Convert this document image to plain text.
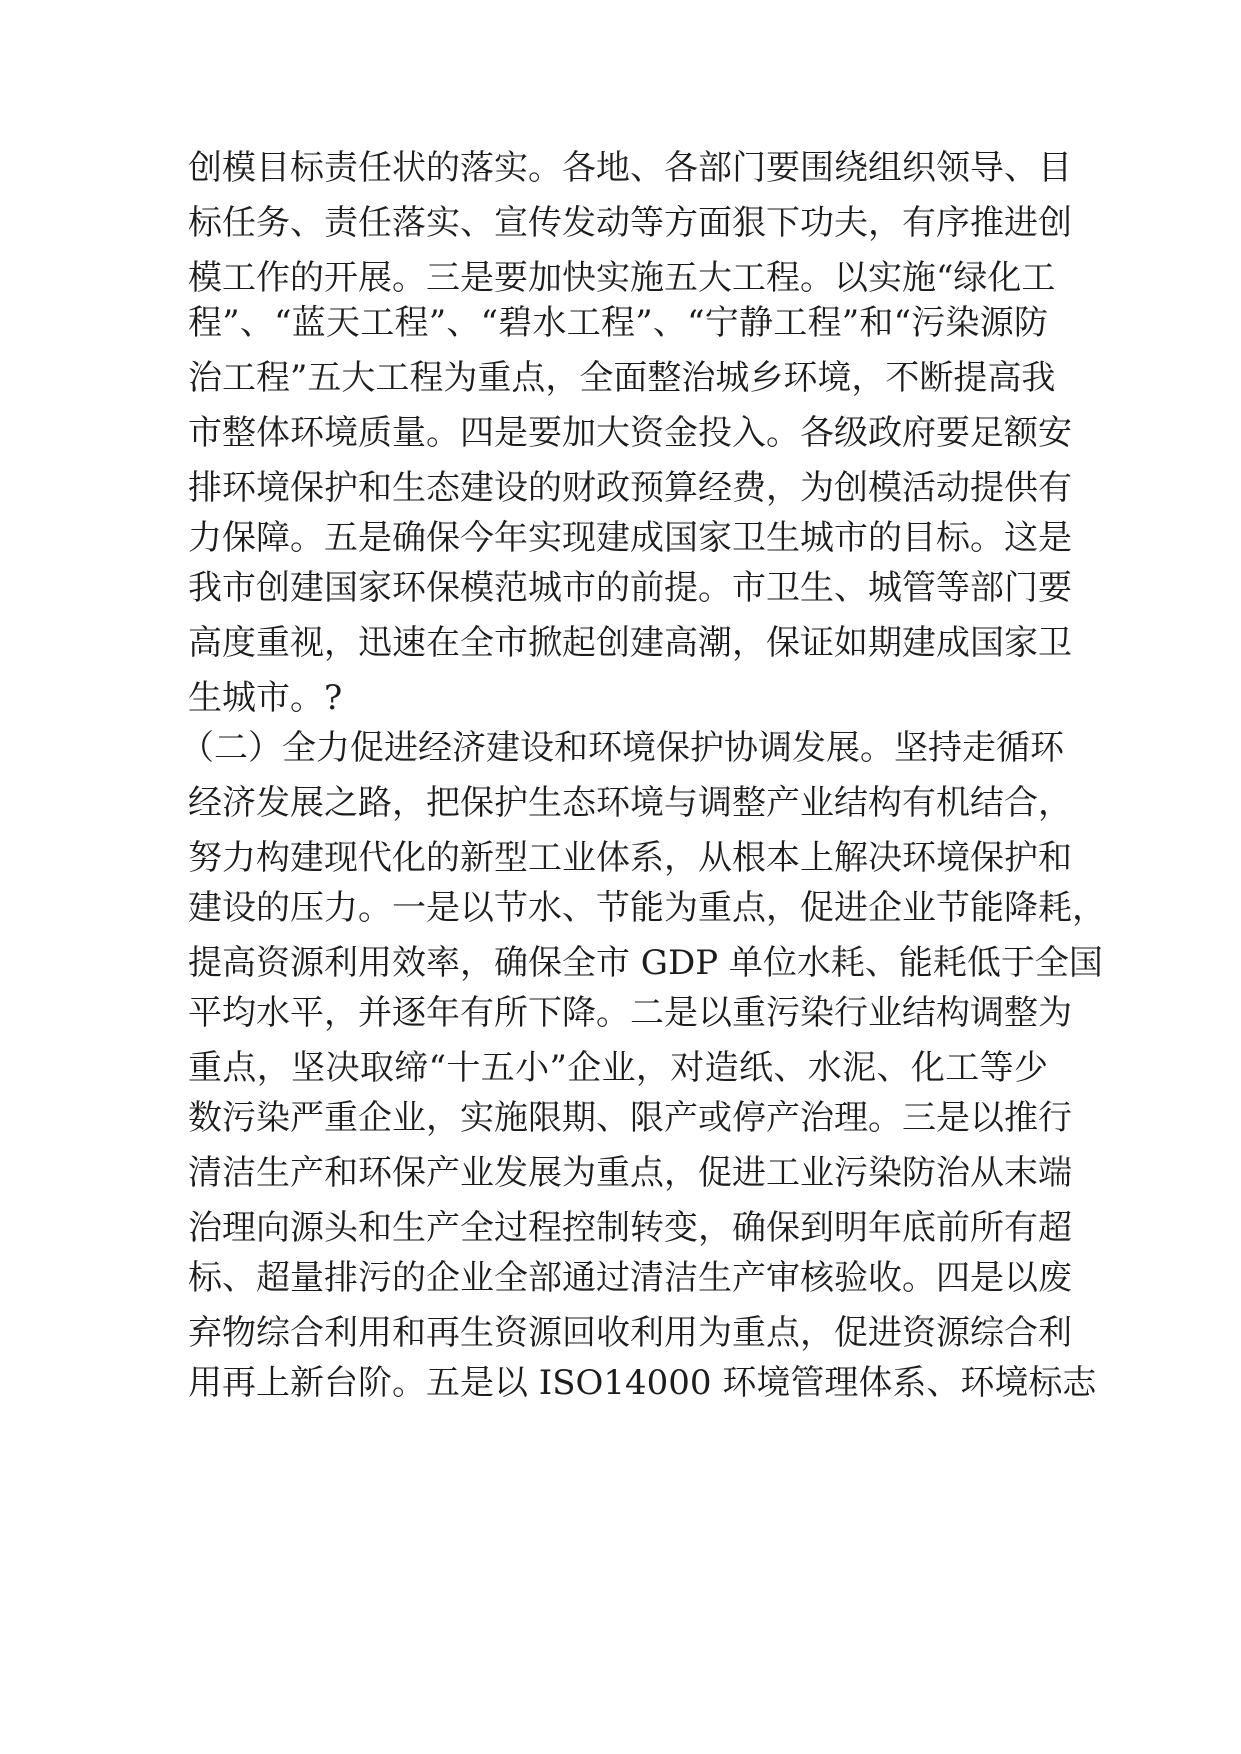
创模目标责任状的落实。各地、各部门要围绕组织领导、目
标任务、责任落实、宣传发动等方面狠下功夫，有序推进创
模工作的开展。三是要加快实施五大工程。以实施“绿化工
程”、“蓝天工程”、“碧水工程”、“宁静工程”和“污染源防
治工程”五大工程为重点，全面整治城乡环境，不断提高我
市整体环境质量。四是要加大资金投入。各级政府要足额安
排环境保护和生态建设的财政预算经费，为创模活动提供有
力保障。五是确保今年实现建成国家卫生城市的目标。这是
我市创建国家环保模范城市的前提。市卫生、城管等部门要
高度重视，迅速在全市掀起创建高潮，保证如期建成国家卫
生城市。?
（二）全力促进经济建设和环境保护协调发展。坚持走循环
经济发展之路，把保护生态环境与调整产业结构有机结合，
努力构建现代化的新型工业体系，从根本上解决环境保护和
建设的压力。一是以节水、节能为重点，促进企业节能降耗，
提高资源利用效率，确保全市 GDP 单位水耗、能耗低于全国
平均水平，并逐年有所下降。二是以重污染行业结构调整为
重点，坚决取缔“十五小”企业，对造纸、水泥、化工等少
数污染严重企业，实施限期、限产或停产治理。三是以推行
清洁生产和环保产业发展为重点，促进工业污染防治从末端
治理向源头和生产全过程控制转变，确保到明年底前所有超
标、超量排污的企业全部通过清洁生产审核验收。四是以废
弃物综合利用和再生资源回收利用为重点，促进资源综合利
用再上新台阶。五是以 ISO14000 环境管理体系、环境标志
